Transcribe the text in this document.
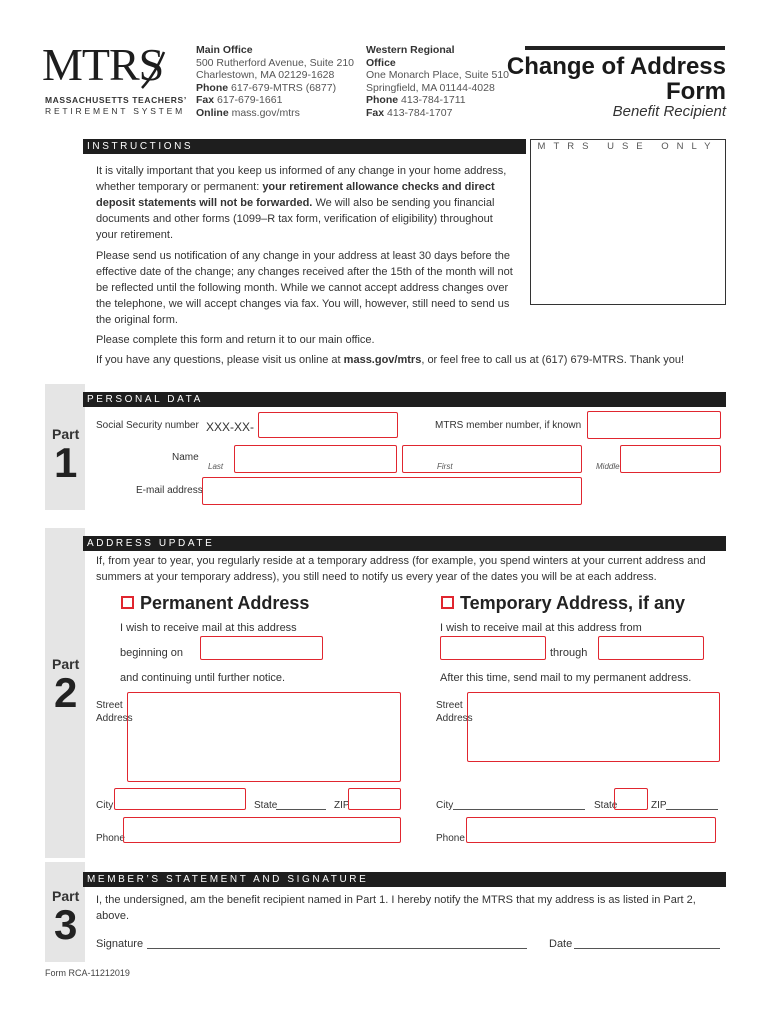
MTRS
MASSACHUSETTS TEACHERS’
RETIREMENT SYSTEM
Main Office
500 Rutherford Avenue, Suite 210
Charlestown, MA 02129-1628
Phone 617-679-MTRS (6877)
Fax 617-679-1661
Online mass.gov/mtrs
Western Regional
Office
One Monarch Place, Suite 510
Springfield, MA 01144-4028
Phone 413-784-1711
Fax 413-784-1707
Change of Address
Form
Benefit Recipient
INSTRUCTIONS	MTRS USE ONLY
It is vitally important that you keep us informed of any change in your home address, whether temporary or permanent: your retirement allowance checks and direct deposit statements will not be forwarded. We will also be sending you financial documents and other forms (1099–R tax form, verification of eligibility) throughout your retirement.
Please send us notification of any change in your address at least 30 days before the effective date of the change; any changes received after the 15th of the month will not be reflected until the following month. While we cannot accept address changes over the telephone, we will accept changes via fax. You will, however, still need to send us the original form.
Please complete this form and return it to our main office.
If you have any questions, please visit us online at mass.gov/mtrs, or feel free to call us at (617) 679-MTRS. Thank you!
Part
1
PERSONAL DATA
Social Security number XXX-XX-	MTRS member number, if known
Name
Last	First	Middle
E-mail address
Part
2
ADDRESS UPDATE
If, from year to year, you regularly reside at a temporary address (for example, you spend winters at your current address and summers at your temporary address), you still need to notify us every year of the dates you will be at each address.
Permanent Address
I wish to receive mail at this address
beginning on
and continuing until further notice.
Street
Address
City	State	ZIP
Phone
Temporary Address, if any
I wish to receive mail at this address from
through
After this time, send mail to my permanent address.
Street
Address
City	State	ZIP
Phone
Part
3
MEMBER’S STATEMENT AND SIGNATURE
I, the undersigned, am the benefit recipient named in Part 1. I hereby notify the MTRS that my address is as listed in Part 2, above.
Signature	Date
Form RCA-11212019
